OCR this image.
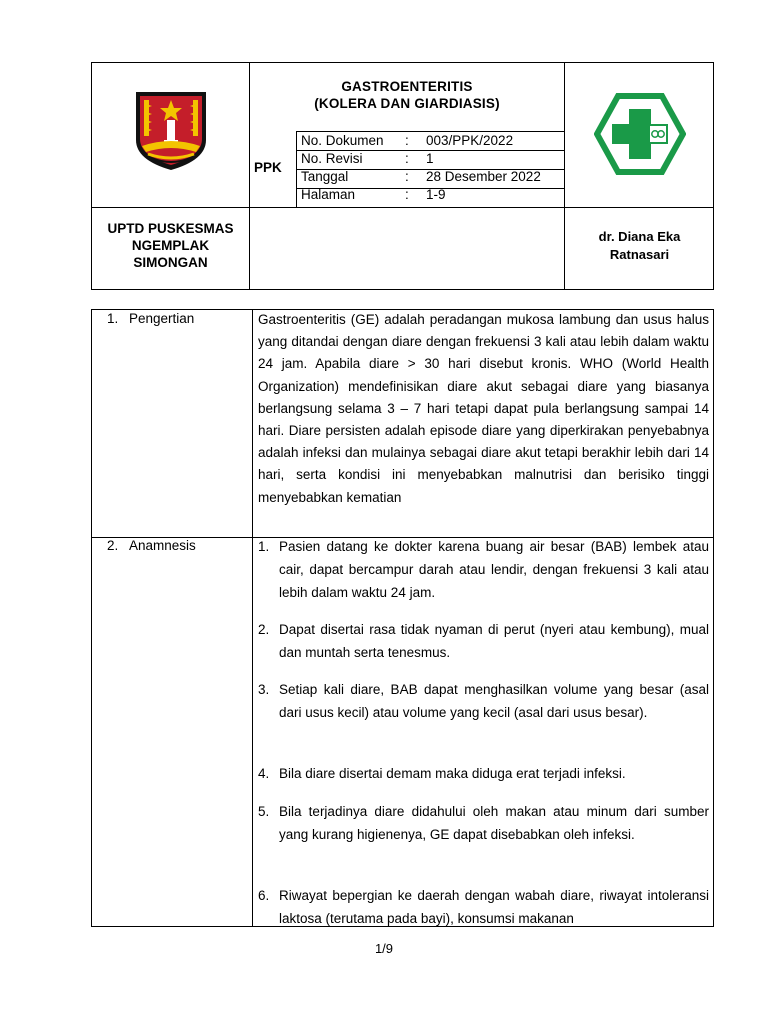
GASTROENTERITIS
(KOLERA DAN GIARDIASIS)
PPK
No. Dokumen : 003/PPK/2022
No. Revisi	: 1
Tanggal	: 28 Desember 2022
Halaman	: 1-9
UPTD PUSKESMAS
NGEMPLAK
SIMONGAN
dr. Diana Eka
Ratnasari
1. Pengertian	Gastroenteritis (GE) adalah peradangan mukosa lambung dan usus halus yang ditandai dengan diare dengan frekuensi 3 kali atau lebih dalam waktu 24 jam. Apabila diare > 30 hari disebut kronis. WHO (World Health Organization) mendefinisikan diare akut sebagai diare yang biasanya berlangsung selama 3 – 7 hari tetapi dapat pula berlangsung sampai 14 hari. Diare persisten adalah episode diare yang diperkirakan penyebabnya adalah infeksi dan mulainya sebagai diare akut tetapi berakhir lebih dari 14 hari, serta kondisi ini menyebabkan malnutrisi dan berisiko tinggi menyebabkan kematian
2. Anamnesis	1. Pasien datang ke dokter karena buang air besar (BAB) lembek atau cair, dapat bercampur darah atau lendir, dengan frekuensi 3 kali atau lebih dalam waktu 24 jam.
2. Dapat disertai rasa tidak nyaman di perut (nyeri atau kembung), mual dan muntah serta tenesmus.
3. Setiap kali diare, BAB dapat menghasilkan volume yang besar (asal dari usus kecil) atau volume yang kecil (asal dari usus besar).
4. Bila diare disertai demam maka diduga erat terjadi infeksi.
5. Bila terjadinya diare didahului oleh makan atau minum dari sumber yang kurang higienenya, GE dapat disebabkan oleh infeksi.
6. Riwayat bepergian ke daerah dengan wabah diare, riwayat intoleransi laktosa (terutama pada bayi), konsumsi makanan
1/9
